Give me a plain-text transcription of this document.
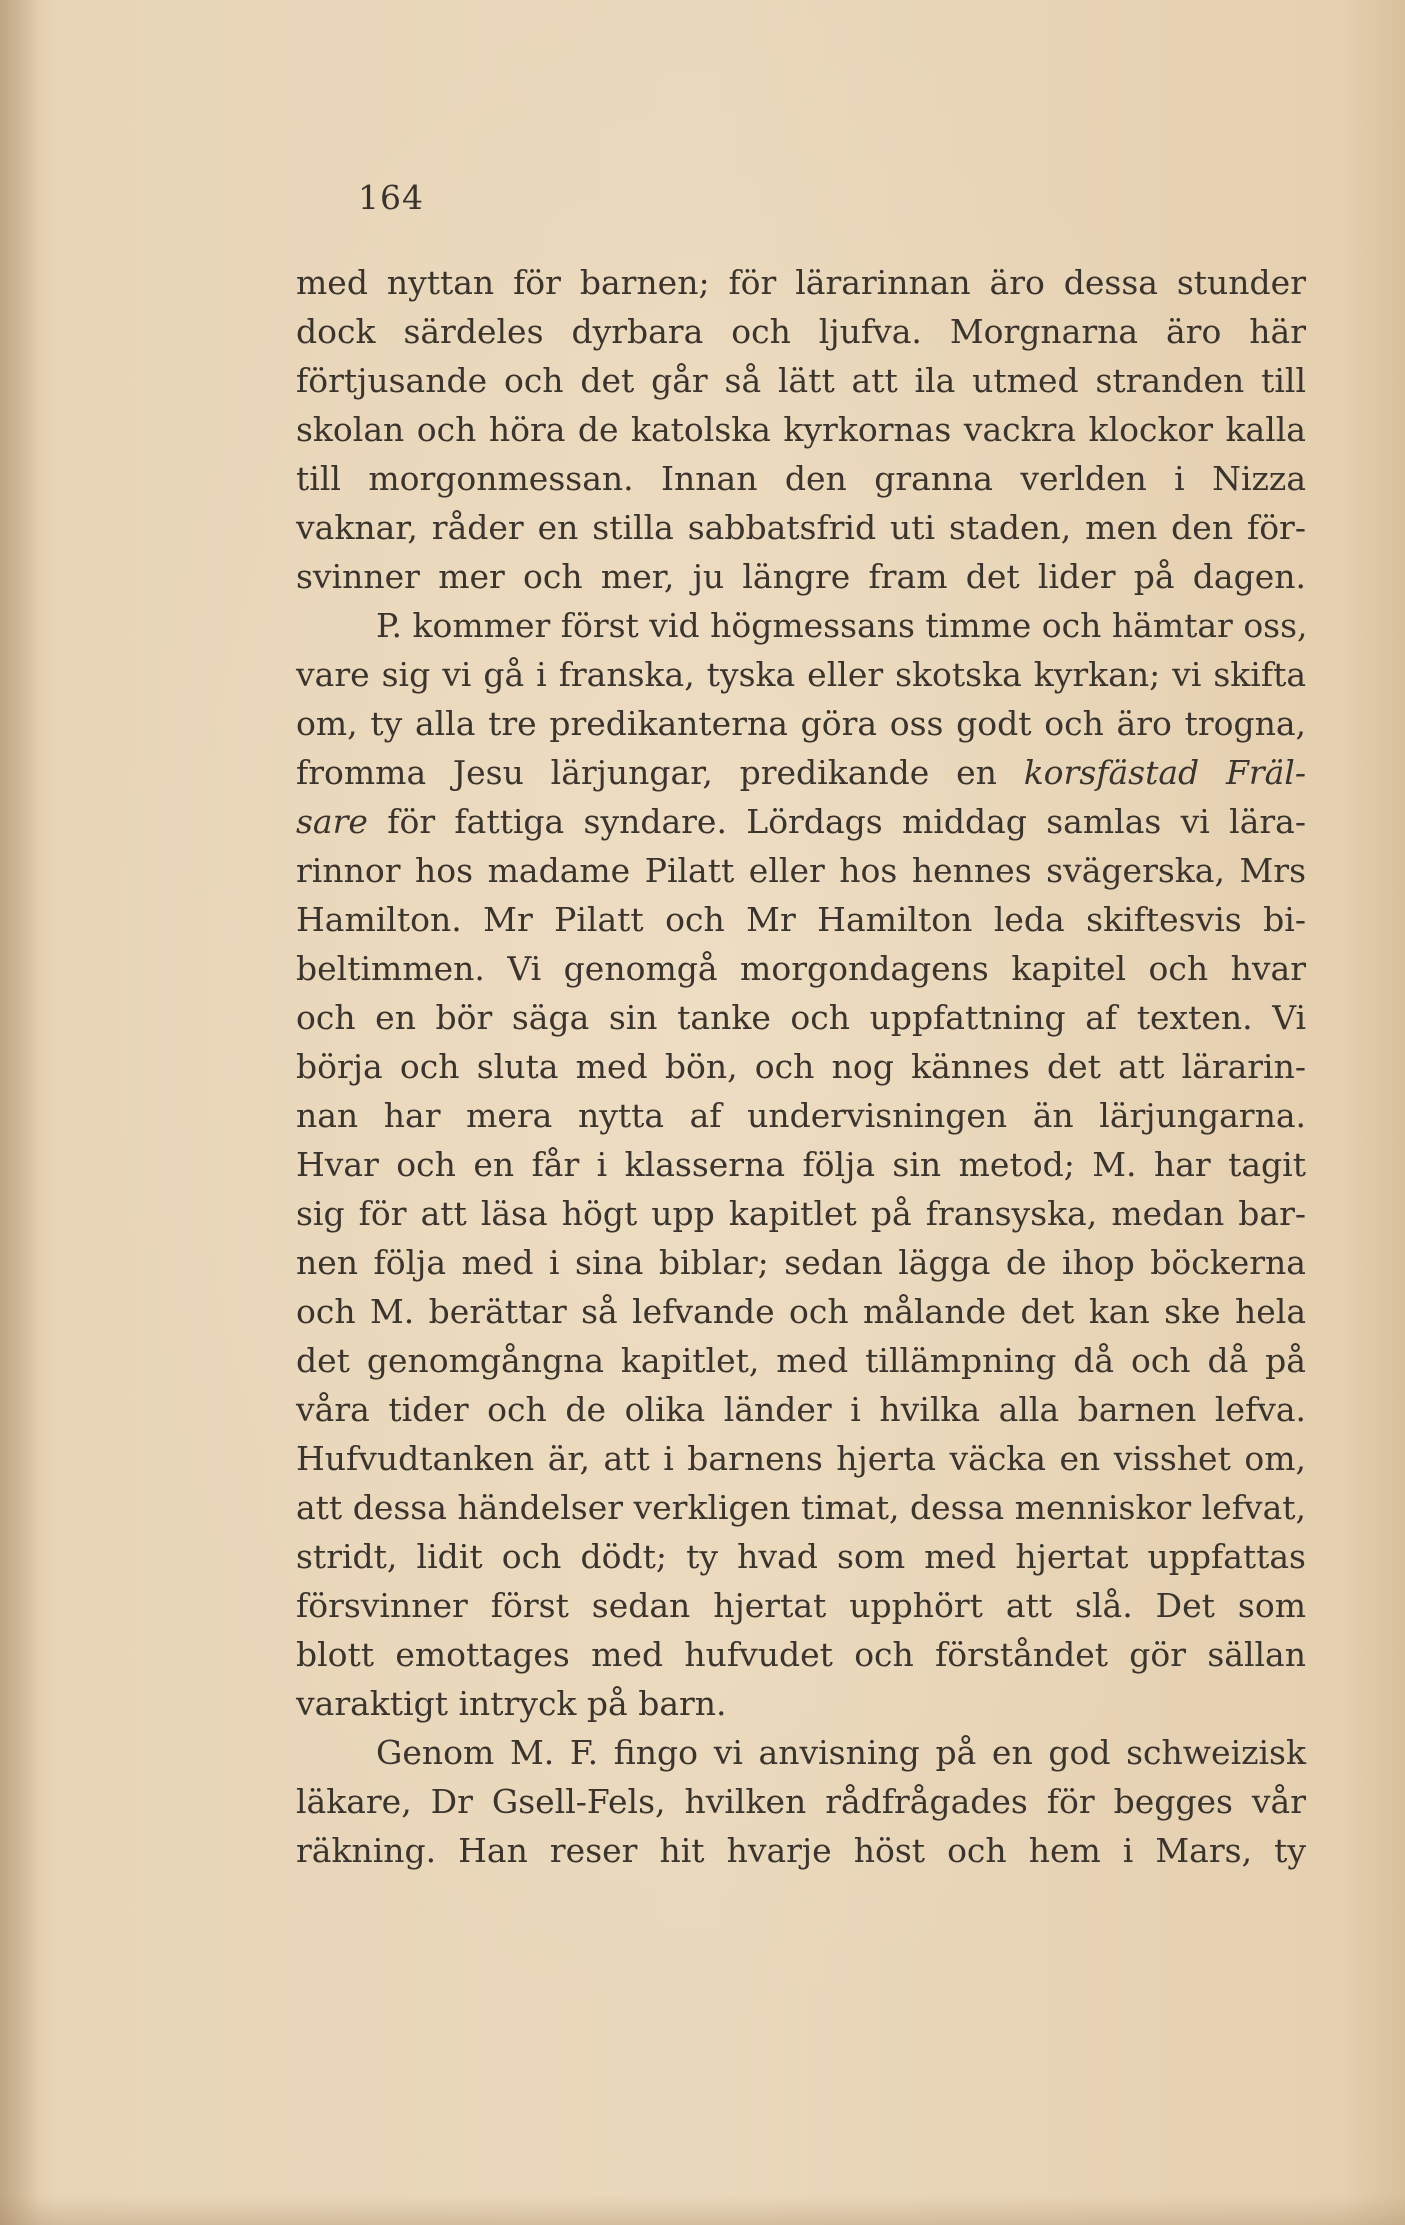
164
med nyttan för barnen; för lärarinnan äro dessa stunder
dock särdeles dyrbara och ljufva. Morgnarna äro här
förtjusande och det går så lätt att ila utmed stranden till
skolan och höra de katolska kyrkornas vackra klockor kalla
till morgonmessan. Innan den granna verlden i Nizza
vaknar, råder en stilla sabbatsfrid uti staden, men den för-
svinner mer och mer, ju längre fram det lider på dagen.
P. kommer först vid högmessans timme och hämtar oss,
vare sig vi gå i franska, tyska eller skotska kyrkan; vi skifta
om, ty alla tre predikanterna göra oss godt och äro trogna,
fromma Jesu lärjungar, predikande en korsfästad Fräl-
sare för fattiga syndare. Lördags middag samlas vi lära-
rinnor hos madame Pilatt eller hos hennes svägerska, Mrs
Hamilton. Mr Pilatt och Mr Hamilton leda skiftesvis bi-
beltimmen. Vi genomgå morgondagens kapitel och hvar
och en bör säga sin tanke och uppfattning af texten. Vi
börja och sluta med bön, och nog kännes det att lärarin-
nan har mera nytta af undervisningen än lärjungarna.
Hvar och en får i klasserna följa sin metod; M. har tagit
sig för att läsa högt upp kapitlet på fransyska, medan bar-
nen följa med i sina biblar; sedan lägga de ihop böckerna
och M. berättar så lefvande och målande det kan ske hela
det genomgångna kapitlet, med tillämpning då och då på
våra tider och de olika länder i hvilka alla barnen lefva.
Hufvudtanken är, att i barnens hjerta väcka en visshet om,
att dessa händelser verkligen timat, dessa menniskor lefvat,
stridt, lidit och dödt; ty hvad som med hjertat uppfattas
försvinner först sedan hjertat upphört att slå. Det som
blott emottages med hufvudet och förståndet gör sällan
varaktigt intryck på barn.
Genom M. F. fingo vi anvisning på en god schweizisk
läkare, Dr Gsell-Fels, hvilken rådfrågades för begges vår
räkning. Han reser hit hvarje höst och hem i Mars, ty
